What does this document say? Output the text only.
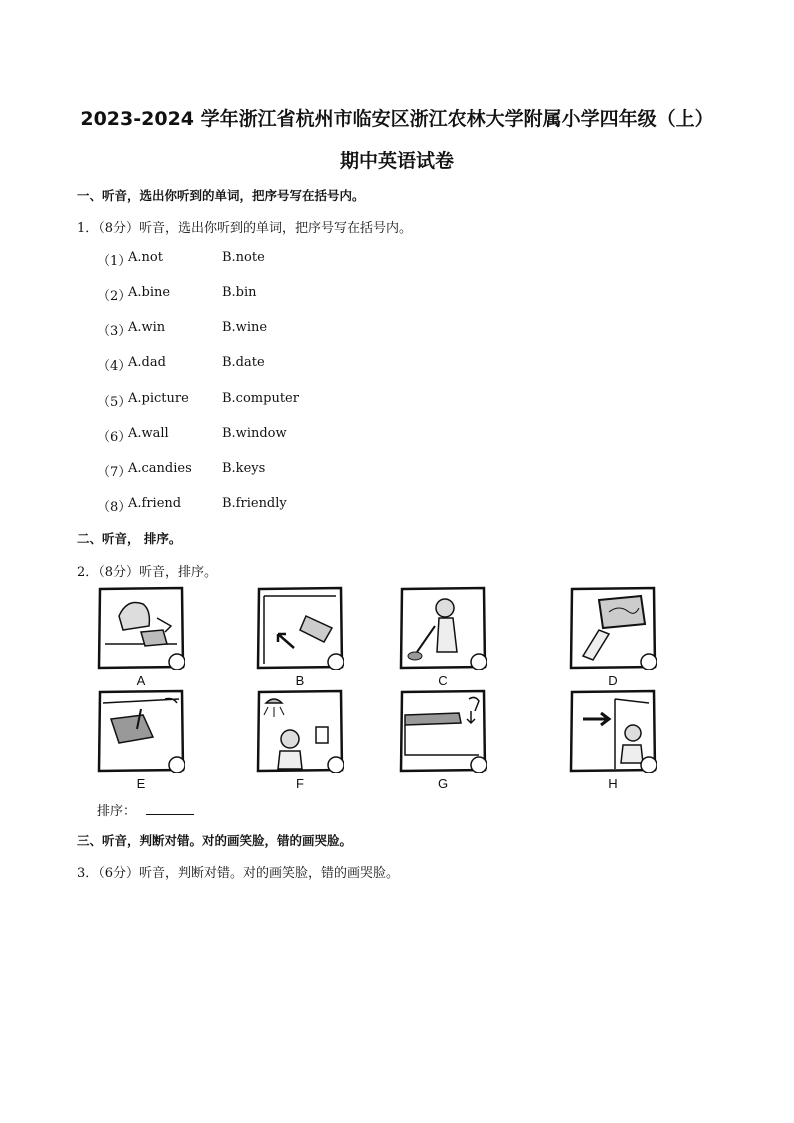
2023-2024 学年浙江省杭州市临安区浙江农林大学附属小学四年级（上）
期中英语试卷
一、听音，选出你听到的单词，把序号写在括号内。
1．（8分）听音，选出你听到的单词，把序号写在括号内。
（1）
A.not	B.note
（2）
A.bine	B.bin
（3）
A.win	B.wine
（4）
A.dad	B.date
（5）
A.picture	B.computer
（6）
A.wall	B.window
（7）
A.candies B.keys
（8）
A.friend	B.friendly
二、听音， 排序。
2．（8分）听音，排序。
A	B	C	D
E	F	G	H
排序：
三、听音，判断对错。对的画笑脸，错的画哭脸。
3．（6分）听音，判断对错。对的画笑脸，错的画哭脸。
